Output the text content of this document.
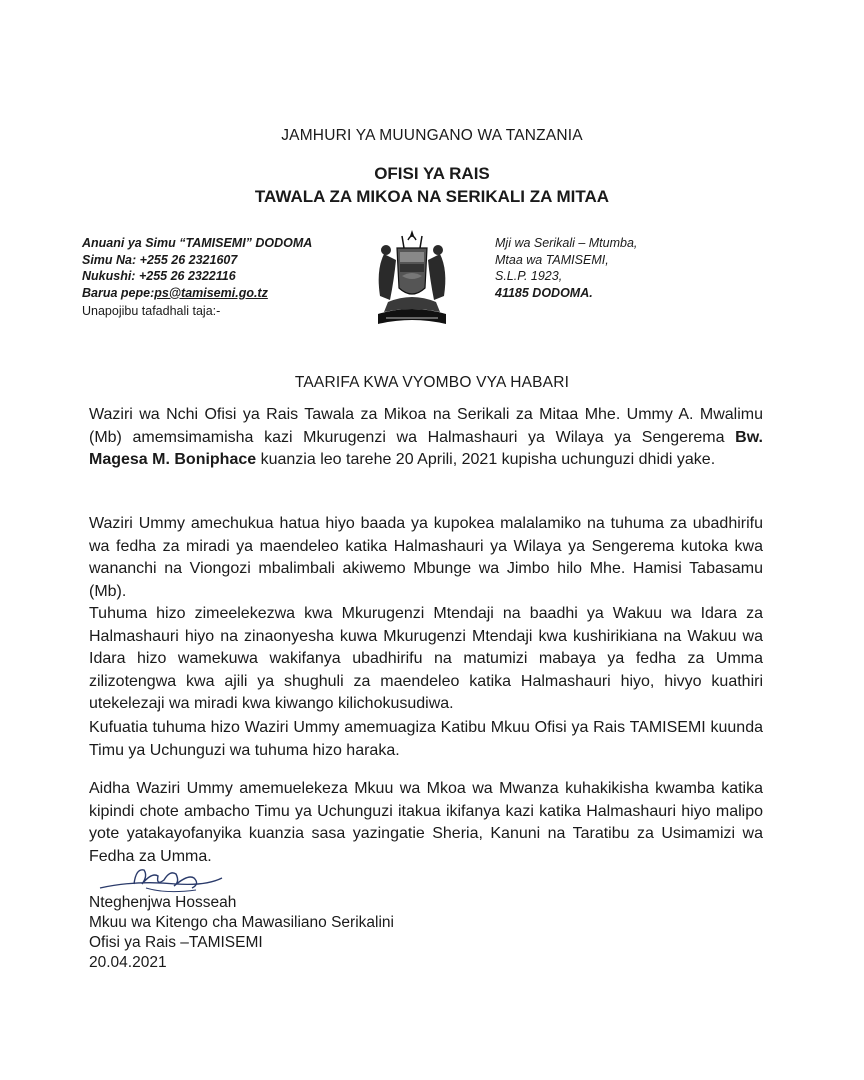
JAMHURI YA MUUNGANO WA TANZANIA
OFISI YA RAIS
TAWALA ZA MIKOA NA SERIKALI ZA MITAA
Anuani ya Simu “TAMISEMI” DODOMA
Simu Na: +255 26 2321607
Nukushi: +255 26 2322116
Barua pepe:ps@tamisemi.go.tz
Mji wa Serikali – Mtumba,
Mtaa wa TAMISEMI,
S.L.P. 1923,
41185 DODOMA.
Unapojibu tafadhali taja:-
TAARIFA KWA VYOMBO VYA HABARI

Waziri wa Nchi Ofisi ya Rais Tawala za Mikoa na Serikali za Mitaa Mhe. Ummy A. Mwalimu (Mb) amemsimamisha kazi Mkurugenzi wa Halmashauri ya Wilaya ya Sengerema Bw. Magesa M. Boniphace kuanzia leo tarehe 20 Aprili, 2021 kupisha uchunguzi dhidi yake.

Waziri Ummy amechukua hatua hiyo baada ya kupokea malalamiko na tuhuma za ubadhirifu wa fedha za miradi ya maendeleo katika Halmashauri ya Wilaya ya Sengerema kutoka kwa wananchi na Viongozi mbalimbali akiwemo Mbunge wa Jimbo hilo Mhe. Hamisi Tabasamu (Mb).

Tuhuma hizo zimeelekezwa kwa Mkurugenzi Mtendaji na baadhi ya Wakuu wa Idara za Halmashauri hiyo na zinaonyesha kuwa Mkurugenzi Mtendaji kwa kushirikiana na Wakuu wa Idara hizo wamekuwa wakifanya ubadhirifu na matumizi mabaya ya fedha za Umma zilizotengwa kwa ajili ya shughuli za maendeleo katika Halmashauri hiyo, hivyo kuathiri utekelezaji wa miradi kwa kiwango kilichokusudiwa.

Kufuatia tuhuma hizo Waziri Ummy amemuagiza Katibu Mkuu Ofisi ya Rais TAMISEMI kuunda Timu ya Uchunguzi wa tuhuma hizo haraka.

Aidha Waziri Ummy amemuelekeza Mkuu wa Mkoa wa Mwanza kuhakikisha kwamba katika kipindi chote ambacho Timu ya Uchunguzi itakua ikifanya kazi katika Halmashauri hiyo malipo yote yatakayofanyika kuanzia sasa yazingatie Sheria, Kanuni na Taratibu za Usimamizi wa Fedha za Umma.

Nteghenjwa Hosseah
Mkuu wa Kitengo cha Mawasiliano Serikalini
Ofisi ya Rais –TAMISEMI
20.04.2021
